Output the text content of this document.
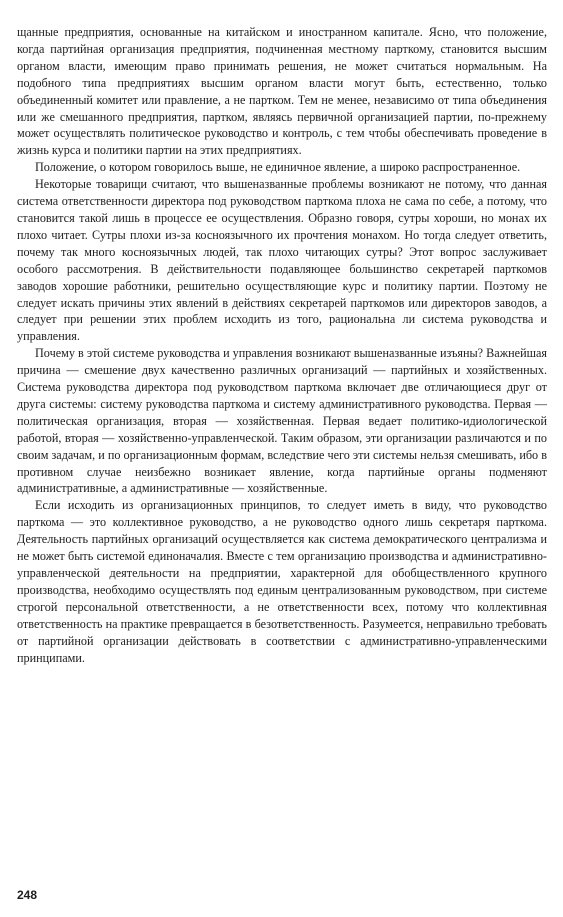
щанные предприятия, основанные на китайском и иностранном капитале. Ясно, что положение, когда партийная организация предприятия, подчиненная местному парткому, становится высшим органом власти, имеющим право принимать решения, не может считаться нормальным. На подобного типа предприятиях высшим органом власти могут быть, естественно, только объединенный комитет или правление, а не партком. Тем не менее, независимо от типа объединения или же смешанного предприятия, партком, являясь первичной организацией партии, по-прежнему может осуществлять политическое руководство и контроль, с тем чтобы обеспечивать проведение в жизнь курса и политики партии на этих предприятиях.

Положение, о котором говорилось выше, не единичное явление, а широко распространенное.

Некоторые товарищи считают, что вышеназванные проблемы возникают не потому, что данная система ответственности директора под руководством парткома плоха не сама по себе, а потому, что становится такой лишь в процессе ее осуществления. Образно говоря, сутры хороши, но монах их плохо читает. Сутры плохи из-за косноязычного их прочтения монахом. Но тогда следует ответить, почему так много косноязычных людей, так плохо читающих сутры? Этот вопрос заслуживает особого рассмотрения. В действительности подавляющее большинство секретарей парткомов заводов хорошие работники, решительно осуществляющие курс и политику партии. Поэтому не следует искать причины этих явлений в действиях секретарей парткомов или директоров заводов, а следует при решении этих проблем исходить из того, рациональна ли система руководства и управления.

Почему в этой системе руководства и управления возникают вышеназванные изъяны? Важнейшая причина — смешение двух качественно различных организаций — партийных и хозяйственных. Система руководства директора под руководством парткома включает две отличающиеся друг от друга системы: систему руководства парткома и систему административного руководства. Первая — политическая организация, вторая — хозяйственная. Первая ведает политико-идиологической работой, вторая — хозяйственно-управленческой. Таким образом, эти организации различаются и по своим задачам, и по организационным формам, вследствие чего эти системы нельзя смешивать, ибо в противном случае неизбежно возникает явление, когда партийные органы подменяют административные, а административные — хозяйственные.

Если исходить из организационных принципов, то следует иметь в виду, что руководство парткома — это коллективное руководство, а не руководство одного лишь секретаря парткома. Деятельность партийных организаций осуществляется как система демократического централизма и не может быть системой единоначалия. Вместе с тем организацию производства и административно-управленческой деятельности на предприятии, характерной для обобществленного крупного производства, необходимо осуществлять под единым централизованным руководством, при системе строгой персональной ответственности, а не ответственности всех, потому что коллективная ответственность на практике превращается в безответственность. Разумеется, неправильно требовать от партийной организации действовать в соответствии с административно-управленческими принципами.

248
